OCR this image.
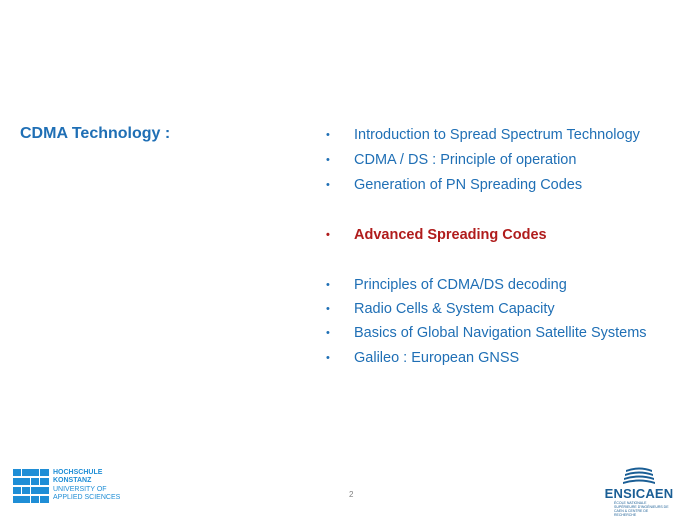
CDMA Technology :	• Introduction to Spread Spectrum Technology
• CDMA / DS : Principle of operation
• Generation of PN Spreading Codes
• Advanced Spreading Codes
• Principles of CDMA/DS decoding
• Radio Cells & System Capacity
• Basics of Global Navigation Satellite Systems
• Galileo : European GNSS
2
HOCHSCHULE
KONSTANZ
UNIVERSITY OF
APPLIED SCIENCES	ENSICAEN
ÉCOLE NATIONALE SUPÉRIEURE D'INGÉNIEURS DE CAEN & CENTRE DE RECHERCHE
